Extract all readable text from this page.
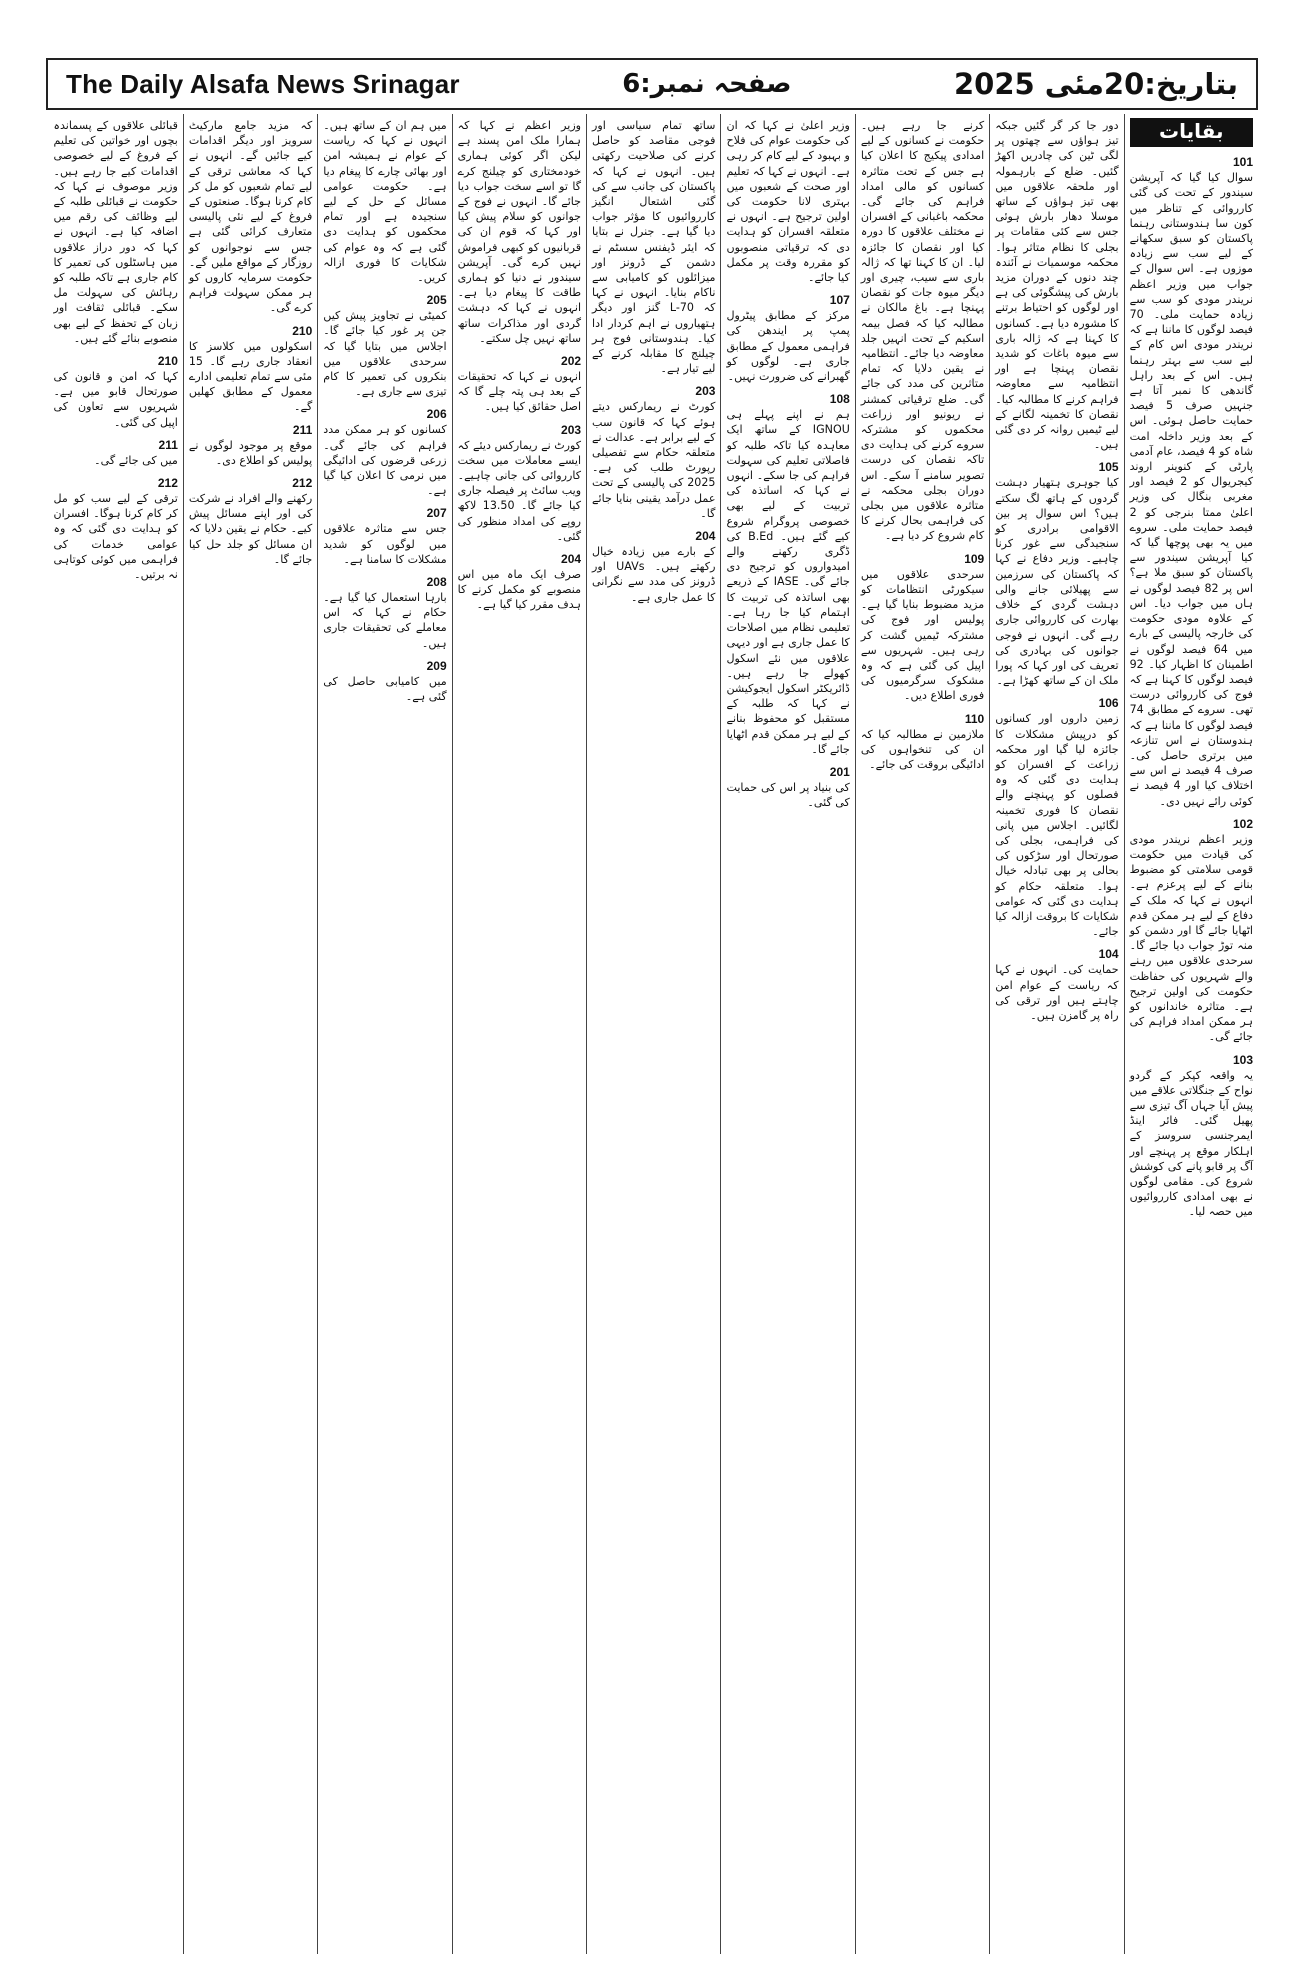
The Daily Alsafa News Srinagar	صفحہ نمبر:6	بتاریخ:20مئی 2025
بقایات
101

سوال کیا گیا کہ آپریشن سیندور کے تحت کی گئی کارروائی کے تناظر میں کون سا ہندوستانی رہنما پاکستان کو سبق سکھانے کے لیے سب سے زیادہ موزوں ہے۔ اس سوال کے جواب میں وزیر اعظم نریندر مودی کو سب سے زیادہ حمایت ملی۔ 70 فیصد لوگوں کا ماننا ہے کہ نریندر مودی اس کام کے لیے سب سے بہتر رہنما ہیں۔ اس کے بعد راہل گاندھی کا نمبر آتا ہے جنہیں صرف 5 فیصد حمایت حاصل ہوئی۔ اس کے بعد وزیر داخلہ امت شاہ کو 4 فیصد، عام آدمی پارٹی کے کنوینر اروند کیجریوال کو 2 فیصد اور مغربی بنگال کی وزیر اعلیٰ ممتا بنرجی کو 2 فیصد حمایت ملی۔ سروے میں یہ بھی پوچھا گیا کہ کیا آپریشن سیندور سے پاکستان کو سبق ملا ہے؟ اس پر 82 فیصد لوگوں نے ہاں میں جواب دیا۔ اس کے علاوہ مودی حکومت کی خارجہ پالیسی کے بارے میں 64 فیصد لوگوں نے اطمینان کا اظہار کیا۔ 92 فیصد لوگوں کا کہنا ہے کہ فوج کی کارروائی درست تھی۔ سروے کے مطابق 74 فیصد لوگوں کا ماننا ہے کہ ہندوستان نے اس تنازعہ میں برتری حاصل کی۔ صرف 4 فیصد نے اس سے اختلاف کیا اور 4 فیصد نے کوئی رائے نہیں دی۔

102

وزیر اعظم نریندر مودی کی قیادت میں حکومت قومی سلامتی کو مضبوط بنانے کے لیے پرعزم ہے۔ انہوں نے کہا کہ ملک کے دفاع کے لیے ہر ممکن قدم اٹھایا جائے گا اور دشمن کو منہ توڑ جواب دیا جائے گا۔ سرحدی علاقوں میں رہنے والے شہریوں کی حفاظت حکومت کی اولین ترجیح ہے۔ متاثرہ خاندانوں کو ہر ممکن امداد فراہم کی جائے گی۔

103

یہ واقعہ کپکر کے گردو نواح کے جنگلاتی علاقے میں پیش آیا جہاں آگ تیزی سے پھیل گئی۔ فائر اینڈ ایمرجنسی سروسز کے اہلکار موقع پر پہنچے اور آگ پر قابو پانے کی کوشش شروع کی۔ مقامی لوگوں نے بھی امدادی کارروائیوں میں حصہ لیا۔

دور جا کر گر گئیں جبکہ تیز ہواؤں سے چھتوں پر لگی ٹین کی چادریں اکھڑ گئیں۔ ضلع کے بارہمولہ اور ملحقہ علاقوں میں بھی تیز ہواؤں کے ساتھ موسلا دھار بارش ہوئی جس سے کئی مقامات پر بجلی کا نظام متاثر ہوا۔ محکمہ موسمیات نے آئندہ چند دنوں کے دوران مزید بارش کی پیشگوئی کی ہے اور لوگوں کو احتیاط برتنے کا مشورہ دیا ہے۔ کسانوں کا کہنا ہے کہ ژالہ باری سے میوہ باغات کو شدید نقصان پہنچا ہے اور انتظامیہ سے معاوضہ فراہم کرنے کا مطالبہ کیا۔ نقصان کا تخمینہ لگانے کے لیے ٹیمیں روانہ کر دی گئی ہیں۔

105

کیا جوہری ہتھیار دہشت گردوں کے ہاتھ لگ سکتے ہیں؟ اس سوال پر بین الاقوامی برادری کو سنجیدگی سے غور کرنا چاہیے۔ وزیر دفاع نے کہا کہ پاکستان کی سرزمین سے پھیلائی جانے والی دہشت گردی کے خلاف بھارت کی کارروائی جاری رہے گی۔ انہوں نے فوجی جوانوں کی بہادری کی تعریف کی اور کہا کہ پورا ملک ان کے ساتھ کھڑا ہے۔

106

زمین داروں اور کسانوں کو درپیش مشکلات کا جائزہ لیا گیا اور محکمہ زراعت کے افسران کو ہدایت دی گئی کہ وہ فصلوں کو پہنچنے والے نقصان کا فوری تخمینہ لگائیں۔ اجلاس میں پانی کی فراہمی، بجلی کی صورتحال اور سڑکوں کی بحالی پر بھی تبادلہ خیال ہوا۔ متعلقہ حکام کو ہدایت دی گئی کہ عوامی شکایات کا بروقت ازالہ کیا جائے۔

104

حمایت کی۔ انہوں نے کہا کہ ریاست کے عوام امن چاہتے ہیں اور ترقی کی راہ پر گامزن ہیں۔

کرنے جا رہے ہیں۔ حکومت نے کسانوں کے لیے امدادی پیکیج کا اعلان کیا ہے جس کے تحت متاثرہ کسانوں کو مالی امداد فراہم کی جائے گی۔ محکمہ باغبانی کے افسران نے مختلف علاقوں کا دورہ کیا اور نقصان کا جائزہ لیا۔ ان کا کہنا تھا کہ ژالہ باری سے سیب، چیری اور دیگر میوہ جات کو نقصان پہنچا ہے۔ باغ مالکان نے مطالبہ کیا کہ فصل بیمہ اسکیم کے تحت انہیں جلد معاوضہ دیا جائے۔ انتظامیہ نے یقین دلایا کہ تمام متاثرین کی مدد کی جائے گی۔ ضلع ترقیاتی کمشنر نے ریونیو اور زراعت محکموں کو مشترکہ سروے کرنے کی ہدایت دی تاکہ نقصان کی درست تصویر سامنے آ سکے۔ اس دوران بجلی محکمہ نے متاثرہ علاقوں میں بجلی کی فراہمی بحال کرنے کا کام شروع کر دیا ہے۔

109

سرحدی علاقوں میں سیکورٹی انتظامات کو مزید مضبوط بنایا گیا ہے۔ پولیس اور فوج کی مشترکہ ٹیمیں گشت کر رہی ہیں۔ شہریوں سے اپیل کی گئی ہے کہ وہ مشکوک سرگرمیوں کی فوری اطلاع دیں۔

110

ملازمین نے مطالبہ کیا کہ ان کی تنخواہوں کی ادائیگی بروقت کی جائے۔

وزیر اعلیٰ نے کہا کہ ان کی حکومت عوام کی فلاح و بہبود کے لیے کام کر رہی ہے۔ انہوں نے کہا کہ تعلیم اور صحت کے شعبوں میں بہتری لانا حکومت کی اولین ترجیح ہے۔ انہوں نے متعلقہ افسران کو ہدایت دی کہ ترقیاتی منصوبوں کو مقررہ وقت پر مکمل کیا جائے۔

107

مرکز کے مطابق پیٹرول پمپ پر ایندھن کی فراہمی معمول کے مطابق جاری ہے۔ لوگوں کو گھبرانے کی ضرورت نہیں۔

108

ہم نے اپنے پہلے ہی IGNOU کے ساتھ ایک معاہدہ کیا تاکہ طلبہ کو فاصلاتی تعلیم کی سہولت فراہم کی جا سکے۔ انہوں نے کہا کہ اساتذہ کی تربیت کے لیے بھی خصوصی پروگرام شروع کیے گئے ہیں۔ B.Ed کی ڈگری رکھنے والے امیدواروں کو ترجیح دی جائے گی۔ IASE کے ذریعے بھی اساتذہ کی تربیت کا اہتمام کیا جا رہا ہے۔ تعلیمی نظام میں اصلاحات کا عمل جاری ہے اور دیہی علاقوں میں نئے اسکول کھولے جا رہے ہیں۔ ڈائریکٹر اسکول ایجوکیشن نے کہا کہ طلبہ کے مستقبل کو محفوظ بنانے کے لیے ہر ممکن قدم اٹھایا جائے گا۔

201

کی بنیاد پر اس کی حمایت کی گئی۔

ساتھ تمام سیاسی اور فوجی مقاصد کو حاصل کرنے کی صلاحیت رکھتی ہیں۔ انہوں نے کہا کہ پاکستان کی جانب سے کی گئی اشتعال انگیز کارروائیوں کا مؤثر جواب دیا گیا ہے۔ جنرل نے بتایا کہ ایئر ڈیفنس سسٹم نے دشمن کے ڈرونز اور میزائلوں کو کامیابی سے ناکام بنایا۔ انہوں نے کہا کہ L-70 گنز اور دیگر ہتھیاروں نے اہم کردار ادا کیا۔ ہندوستانی فوج ہر چیلنج کا مقابلہ کرنے کے لیے تیار ہے۔

203

کورٹ نے ریمارکس دیتے ہوئے کہا کہ قانون سب کے لیے برابر ہے۔ عدالت نے متعلقہ حکام سے تفصیلی رپورٹ طلب کی ہے۔ 2025 کی پالیسی کے تحت عمل درآمد یقینی بنایا جائے گا۔

204

کے بارے میں زیادہ خیال رکھتے ہیں۔ UAVs اور ڈرونز کی مدد سے نگرانی کا عمل جاری ہے۔

وزیر اعظم نے کہا کہ ہمارا ملک امن پسند ہے لیکن اگر کوئی ہماری خودمختاری کو چیلنج کرے گا تو اسے سخت جواب دیا جائے گا۔ انہوں نے فوج کے جوانوں کو سلام پیش کیا اور کہا کہ قوم ان کی قربانیوں کو کبھی فراموش نہیں کرے گی۔ آپریشن سیندور نے دنیا کو ہماری طاقت کا پیغام دیا ہے۔ انہوں نے کہا کہ دہشت گردی اور مذاکرات ساتھ ساتھ نہیں چل سکتے۔

202

انہوں نے کہا کہ تحقیقات کے بعد ہی پتہ چلے گا کہ اصل حقائق کیا ہیں۔

203

کورٹ نے ریمارکس دیئے کہ ایسے معاملات میں سخت کارروائی کی جانی چاہیے۔ ویب سائٹ پر فیصلہ جاری کیا جائے گا۔ 13.50 لاکھ روپے کی امداد منظور کی گئی۔

204

صرف ایک ماہ میں اس منصوبے کو مکمل کرنے کا ہدف مقرر کیا گیا ہے۔

میں ہم ان کے ساتھ ہیں۔ انہوں نے کہا کہ ریاست کے عوام نے ہمیشہ امن اور بھائی چارے کا پیغام دیا ہے۔ حکومت عوامی مسائل کے حل کے لیے سنجیدہ ہے اور تمام محکموں کو ہدایت دی گئی ہے کہ وہ عوام کی شکایات کا فوری ازالہ کریں۔

205

کمیٹی نے تجاویز پیش کیں جن پر غور کیا جائے گا۔ اجلاس میں بتایا گیا کہ سرحدی علاقوں میں بنکروں کی تعمیر کا کام تیزی سے جاری ہے۔

206

کسانوں کو ہر ممکن مدد فراہم کی جائے گی۔ زرعی قرضوں کی ادائیگی میں نرمی کا اعلان کیا گیا ہے۔

207

جس سے متاثرہ علاقوں میں لوگوں کو شدید مشکلات کا سامنا ہے۔

208

بارہا استعمال کیا گیا ہے۔ حکام نے کہا کہ اس معاملے کی تحقیقات جاری ہیں۔

209

میں کامیابی حاصل کی گئی ہے۔

کہ مزید جامع مارکیٹ سرویز اور دیگر اقدامات کیے جائیں گے۔ انہوں نے کہا کہ معاشی ترقی کے لیے تمام شعبوں کو مل کر کام کرنا ہوگا۔ صنعتوں کے فروغ کے لیے نئی پالیسی متعارف کرائی گئی ہے جس سے نوجوانوں کو روزگار کے مواقع ملیں گے۔ حکومت سرمایہ کاروں کو ہر ممکن سہولت فراہم کرے گی۔

210

اسکولوں میں کلاسز کا انعقاد جاری رہے گا۔ 15 مئی سے تمام تعلیمی ادارے معمول کے مطابق کھلیں گے۔

211

موقع پر موجود لوگوں نے پولیس کو اطلاع دی۔

212

رکھنے والے افراد نے شرکت کی اور اپنے مسائل پیش کیے۔ حکام نے یقین دلایا کہ ان مسائل کو جلد حل کیا جائے گا۔

قبائلی علاقوں کے پسماندہ بچوں اور خواتین کی تعلیم کے فروغ کے لیے خصوصی اقدامات کیے جا رہے ہیں۔ وزیر موصوف نے کہا کہ حکومت نے قبائلی طلبہ کے لیے وظائف کی رقم میں اضافہ کیا ہے۔ انہوں نے کہا کہ دور دراز علاقوں میں ہاسٹلوں کی تعمیر کا کام جاری ہے تاکہ طلبہ کو رہائش کی سہولت مل سکے۔ قبائلی ثقافت اور زبان کے تحفظ کے لیے بھی منصوبے بنائے گئے ہیں۔

210

کہا کہ امن و قانون کی صورتحال قابو میں ہے۔ شہریوں سے تعاون کی اپیل کی گئی۔

211

میں کی جائے گی۔

212

ترقی کے لیے سب کو مل کر کام کرنا ہوگا۔ افسران کو ہدایت دی گئی کہ وہ عوامی خدمات کی فراہمی میں کوئی کوتاہی نہ برتیں۔
